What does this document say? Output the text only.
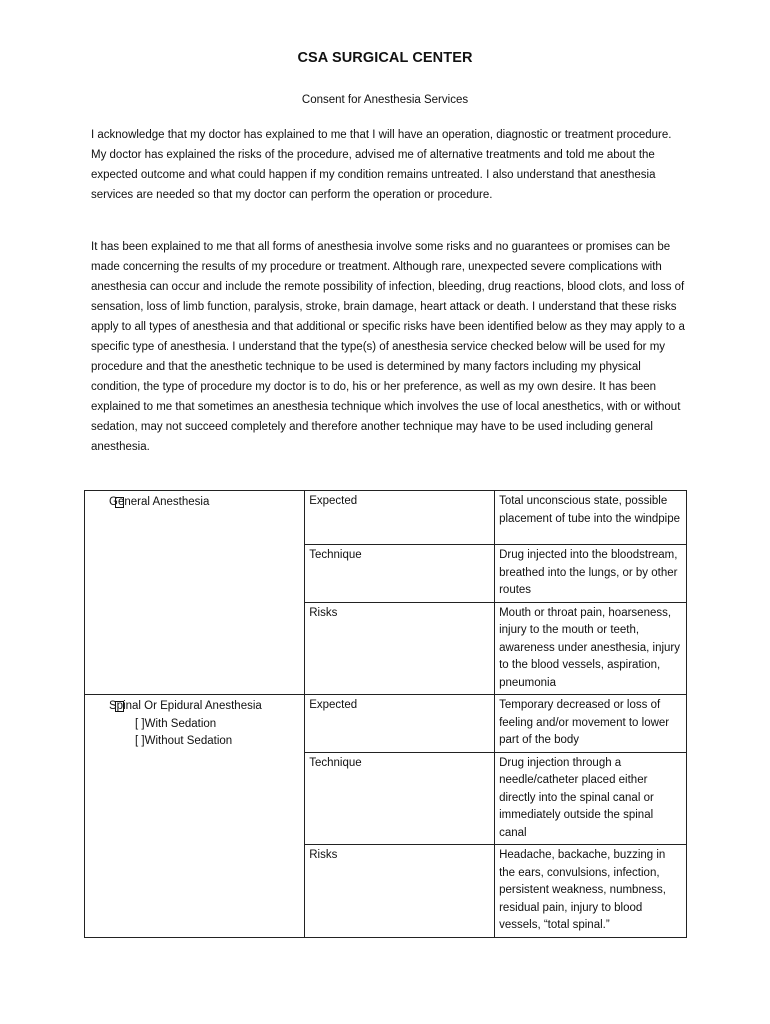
CSA SURGICAL CENTER
Consent for Anesthesia Services

I acknowledge that my doctor has explained to me that I will have an operation, diagnostic or treatment procedure. My doctor has explained the risks of the procedure, advised me of alternative treatments and told me about the expected outcome and what could happen if my condition remains untreated. I also understand that anesthesia services are needed so that my doctor can perform the operation or procedure.

It has been explained to me that all forms of anesthesia involve some risks and no guarantees or promises can be made concerning the results of my procedure or treatment. Although rare, unexpected severe complications with anesthesia can occur and include the remote possibility of infection, bleeding, drug reactions, blood clots, and loss of sensation, loss of limb function, paralysis, stroke, brain damage, heart attack or death. I understand that these risks apply to all types of anesthesia and that additional or specific risks have been identified below as they may apply to a specific type of anesthesia. I understand that the type(s) of anesthesia service checked below will be used for my procedure and that the anesthetic technique to be used is determined by many factors including my physical condition, the type of procedure my doctor is to do, his or her preference, as well as my own desire. It has been explained to me that sometimes an anesthesia technique which involves the use of local anesthetics, with or without sedation, may not succeed completely and therefore another technique may have to be used including general anesthesia.

General Anesthesia	Expected	Total unconscious state, possible placement of tube into the windpipe
	Technique	Drug injected into the bloodstream, breathed into the lungs, or by other routes
	Risks	Mouth or throat pain, hoarseness, injury to the mouth or teeth, awareness under anesthesia, injury to the blood vessels, aspiration, pneumonia

Spinal Or Epidural Anesthesia
[ ]With Sedation
[ ]Without Sedation	Expected	Temporary decreased or loss of feeling and/or movement to lower part of the body
	Technique	Drug injection through a needle/catheter placed either directly into the spinal canal or immediately outside the spinal canal
	Risks	Headache, backache, buzzing in the ears, convulsions, infection, persistent weakness, numbness, residual pain, injury to blood vessels, “total spinal.”
